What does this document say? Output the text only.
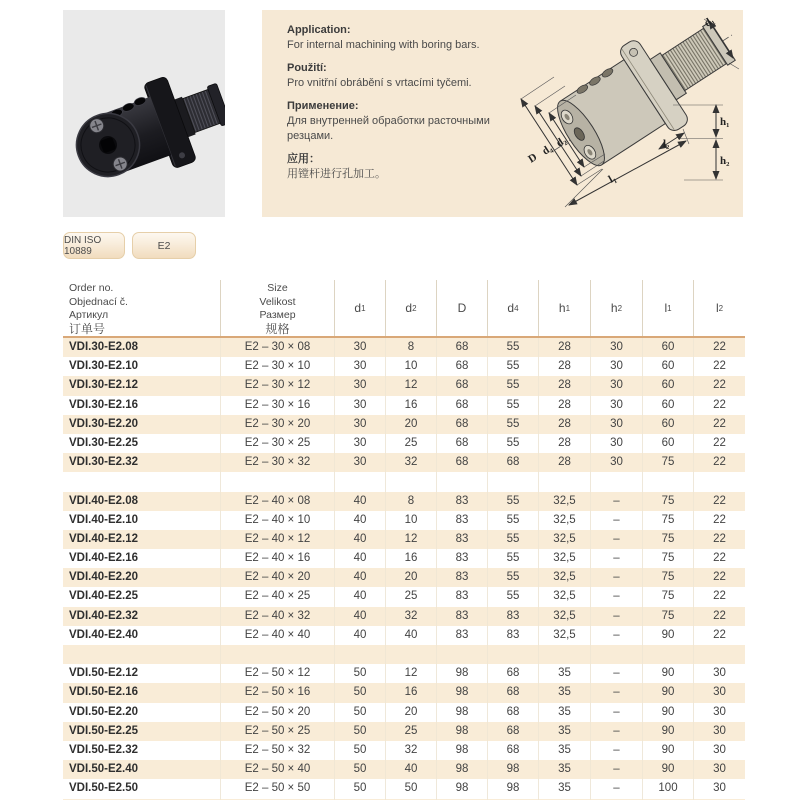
Application:
For internal machining with boring bars.
Použití:
Pro vnitřní obrábění s vrtacími tyčemi.
Применение:
Для внутренней обработки расточными резцами.
应用：
用镗杆进行孔加工。
D
d₄
d₂
d₁
h₁
h₂
l₁
l₂
DIN ISO 10889	E2
Order no.
Objednací č.
Артикул
订单号
Size
Velikost
Размер
规格
d 1	d 2	D	d 4	h 1	h 2	l 1	l 2
VDI.30-E2.08	E2 – 30 × 08	30	8	68	55	28	30	60	22
VDI.30-E2.10	E2 – 30 × 10	30	10	68	55	28	30	60	22
VDI.30-E2.12	E2 – 30 × 12	30	12	68	55	28	30	60	22
VDI.30-E2.16	E2 – 30 × 16	30	16	68	55	28	30	60	22
VDI.30-E2.20	E2 – 30 × 20	30	20	68	55	28	30	60	22
VDI.30-E2.25	E2 – 30 × 25	30	25	68	55	28	30	60	22
VDI.30-E2.32	E2 – 30 × 32	30	32	68	68	28	30	75	22
VDI.40-E2.08	E2 – 40 × 08	40	8	83	55	32,5	–	75	22
VDI.40-E2.10	E2 – 40 × 10	40	10	83	55	32,5	–	75	22
VDI.40-E2.12	E2 – 40 × 12	40	12	83	55	32,5	–	75	22
VDI.40-E2.16	E2 – 40 × 16	40	16	83	55	32,5	–	75	22
VDI.40-E2.20	E2 – 40 × 20	40	20	83	55	32,5	–	75	22
VDI.40-E2.25	E2 – 40 × 25	40	25	83	55	32,5	–	75	22
VDI.40-E2.32	E2 – 40 × 32	40	32	83	83	32,5	–	75	22
VDI.40-E2.40	E2 – 40 × 40	40	40	83	83	32,5	–	90	22
VDI.50-E2.12	E2 – 50 × 12	50	12	98	68	35	–	90	30
VDI.50-E2.16	E2 – 50 × 16	50	16	98	68	35	–	90	30
VDI.50-E2.20	E2 – 50 × 20	50	20	98	68	35	–	90	30
VDI.50-E2.25	E2 – 50 × 25	50	25	98	68	35	–	90	30
VDI.50-E2.32	E2 – 50 × 32	50	32	98	68	35	–	90	30
VDI.50-E2.40	E2 – 50 × 40	50	40	98	98	35	–	90	30
VDI.50-E2.50	E2 – 50 × 50	50	50	98	98	35	–	100	30
